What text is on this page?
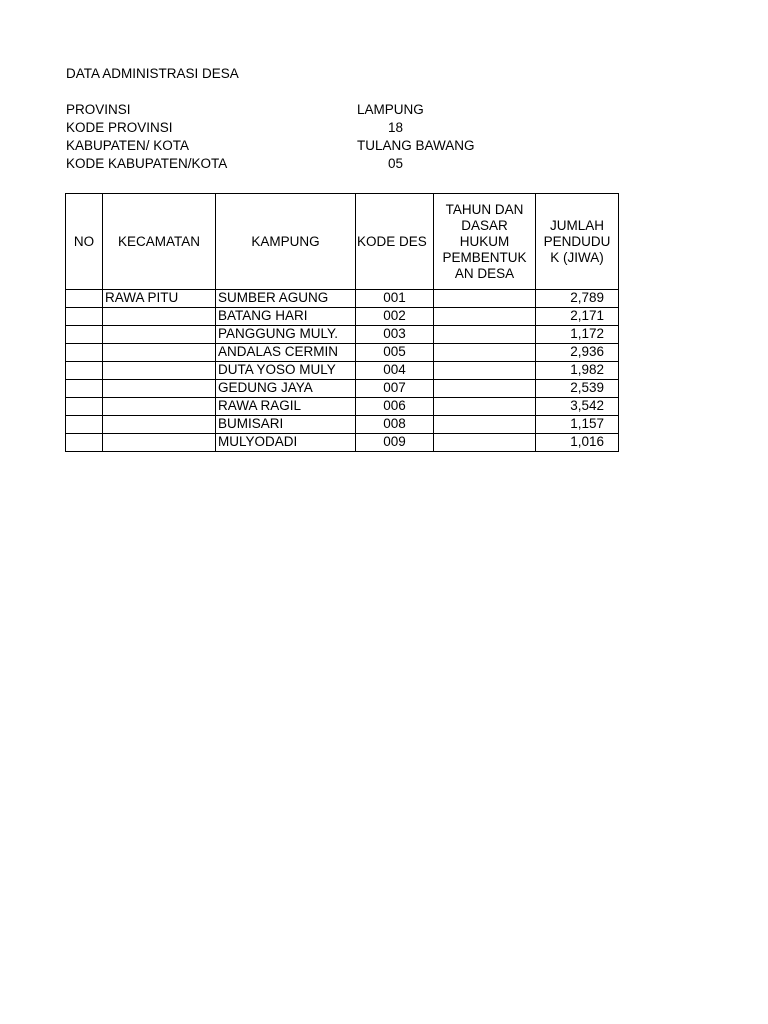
DATA ADMINISTRASI DESA
PROVINSI	LAMPUNG
KODE PROVINSI	18
KABUPATEN/ KOTA	TULANG BAWANG
KODE KABUPATEN/KOTA	05
NO	KECAMATAN	KAMPUNG	KODE DES	TAHUN DAN
DASAR
HUKUM
PEMBENTUK
AN DESA	JUMLAH
PENDUDU
K (JIWA)

	RAWA PITU	SUMBER AGUNG	001		2,789
		BATANG HARI	002		2,171
		PANGGUNG MULY.	003		1,172
		ANDALAS CERMIN	005		2,936
		DUTA YOSO MULY	004		1,982
		GEDUNG JAYA	007		2,539
		RAWA RAGIL	006		3,542
		BUMISARI	008		1,157
		MULYODADI	009		1,016
